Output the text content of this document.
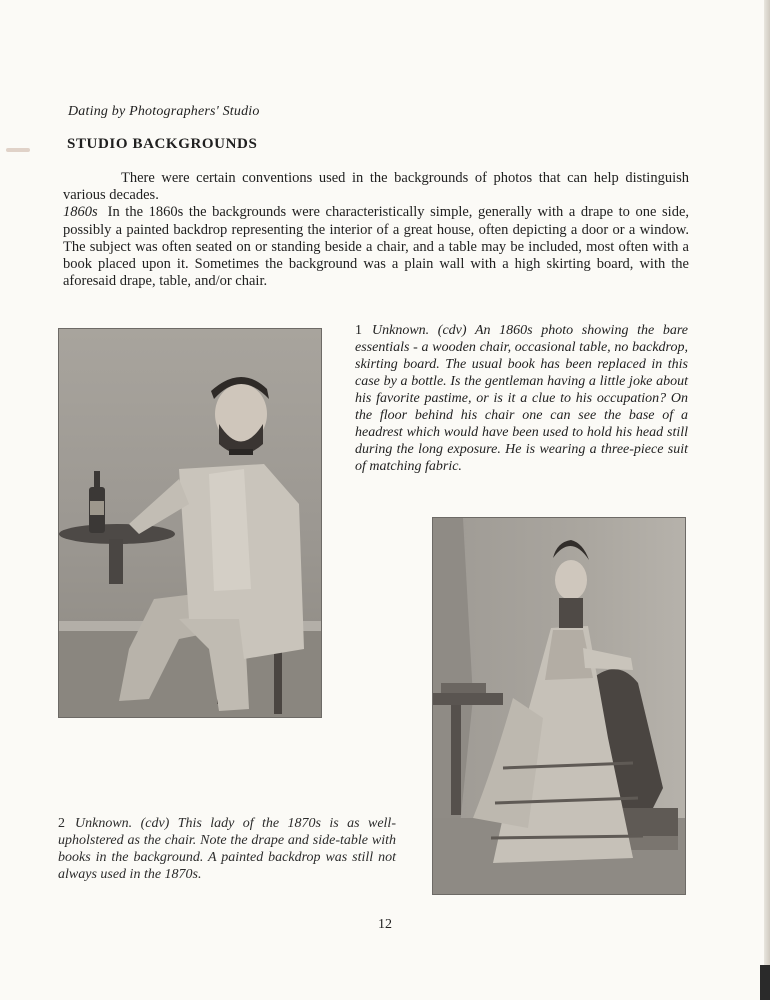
Dating by Photographers' Studio
STUDIO BACKGROUNDS

There were certain conventions used in the backgrounds of photos that can help distinguish various decades.

1860s In the 1860s the backgrounds were characteristically simple, generally with a drape to one side, possibly a painted backdrop representing the interior of a great house, often depicting a door or a window. The subject was often seated on or standing beside a chair, and a table may be included, most often with a book placed upon it. Sometimes the background was a plain wall with a high skirting board, with the aforesaid drape, table, and/or chair.

1 Unknown. (cdv) An 1860s photo showing the bare essentials - a wooden chair, occasional table, no backdrop, skirting board. The usual book has been replaced in this case by a bottle. Is the gentleman having a little joke about his favorite pastime, or is it a clue to his occupation? On the floor behind his chair one can see the base of a headrest which would have been used to hold his head still during the long exposure. He is wearing a three-piece suit of matching fabric.
2 Unknown. (cdv) This lady of the 1870s is as well-upholstered as the chair. Note the drape and side-table with books in the background. A painted backdrop was still not always used in the 1870s.
12
